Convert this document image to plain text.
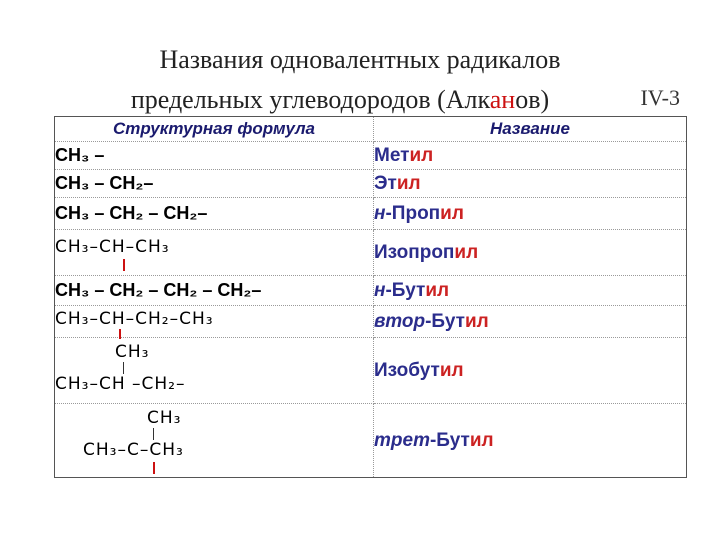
Названия одновалентных радикалов
предельных углеводородов (Алканов)	IV-3
Структурная формула	Название
CH₃ –	Метил
CH₃ – CH₂–	Этил
CH₃ – CH₂ – CH₂–	н-Пропил

CH₃–CH–CH₃	Изопропил
CH₃ – CH₂ – CH₂ – CH₂–	н-Бутил

CH₃–CH–CH₂–CH₃	втор-Бутил

CH₃
CH₃–CH –CH₂–	Изобутил

CH₃
CH₃–C–CH₃	трет-Бутил
